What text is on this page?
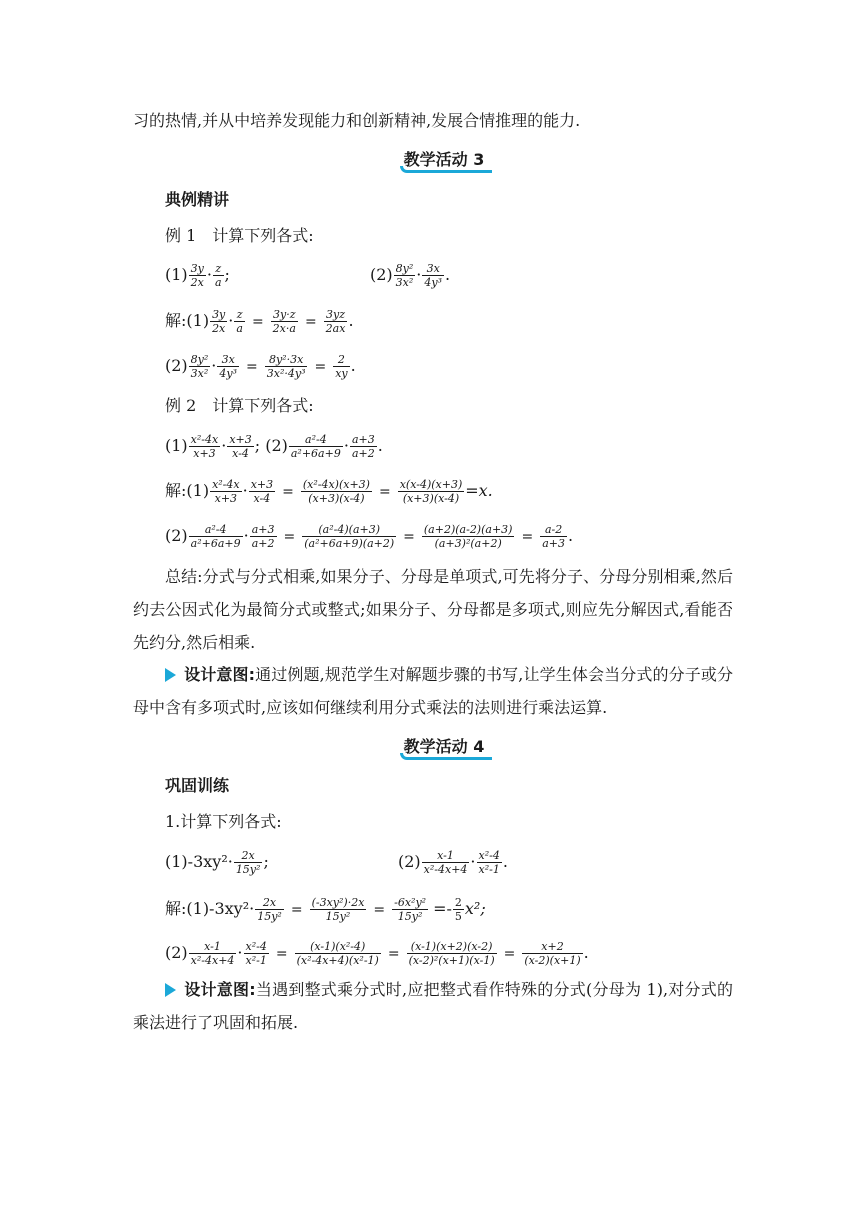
习的热情,并从中培养发现能力和创新精神,发展合情推理的能力.
教学活动 3
典例精讲
例 1　计算下列各式:
$(1) \frac{3y}{2x} \cdot \frac{z}{a}$ ;	$(2) \frac{\text{8y²}}{\text{3x²}} \cdot \frac{3x}{\text{4y³}}$ .
解:(1) $\frac{3y}{2x} \cdot \frac{z}{a} = \frac{3y\cdot z}{2x\cdot a} = \frac{3yz}{2ax}$ .
$(2) \frac{\text{8y²}}{\text{3x²}} \cdot \frac{3x}{\text{4y³}} = \frac{\text{8y²·3x}}{\text{3x²·4y³}} = \frac{2}{xy}$ .
例 2　计算下列各式:
$(1) \frac{\text{x²-4x}}{x+3} \cdot \frac{x+3}{x-4}$ ; $(2) \frac{\text{a²-4}}{\text{a²+6a+9}} \cdot \frac{a+3}{a+2}$ .
解:(1) $\frac{\text{x²-4x}}{x+3} \cdot \frac{x+3}{x-4} = \frac{\text{(x²-4x)(x+3)}}{(x+3)(x-4)} = \frac{x(x-4)(x+3)}{(x+3)(x-4)} =x$.
$(2) \frac{\text{a²-4}}{\text{a²+6a+9}} \cdot \frac{a+3}{a+2} = \frac{\text{(a²-4)(a+3)}}{\text{(a²+6a+9)(a+2)}} = \frac{(a+2)(a-2)(a+3)}{\text{(a+3)²(a+2)}} = \frac{a-2}{a+3}$ .
总结:分式与分式相乘,如果分子、分母是单项式,可先将分子、分母分别相乘,然后约去公因式化为最简分式或整式;如果分子、分母都是多项式,则应先分解因式,看能否先约分,然后相乘.
设计意图:通过例题,规范学生对解题步骤的书写,让学生体会当分式的分子或分母中含有多项式时,应该如何继续利用分式乘法的法则进行乘法运算.
教学活动 4
巩固训练
1.计算下列各式:
$(1)-3xy^2\cdot \frac{2x}{\text{15y²}}$ ;	$(2) \frac{x-1}{\text{x²-4x+4}} \cdot \frac{\text{x²-4}}{\text{x²-1}}$ .
解:(1)-3xy²· $\frac{2x}{\text{15y²}} = \frac{\text{(-3xy²)·2x}}{\text{15y²}} = \frac{\text{-6x²y²}}{\text{15y²}} =- \frac{2}{5} x^2$;
$(2) \frac{x-1}{\text{x²-4x+4}} \cdot \frac{\text{x²-4}}{\text{x²-1}} = \frac{\text{(x-1)(x²-4)}}{\text{(x²-4x+4)(x²-1)}} = \frac{(x-1)(x+2)(x-2)}{\text{(x-2)²(x+1)(x-1)}} = \frac{x+2}{(x-2)(x+1)}$ .
设计意图:当遇到整式乘分式时,应把整式看作特殊的分式(分母为 1),对分式的乘法进行了巩固和拓展.
